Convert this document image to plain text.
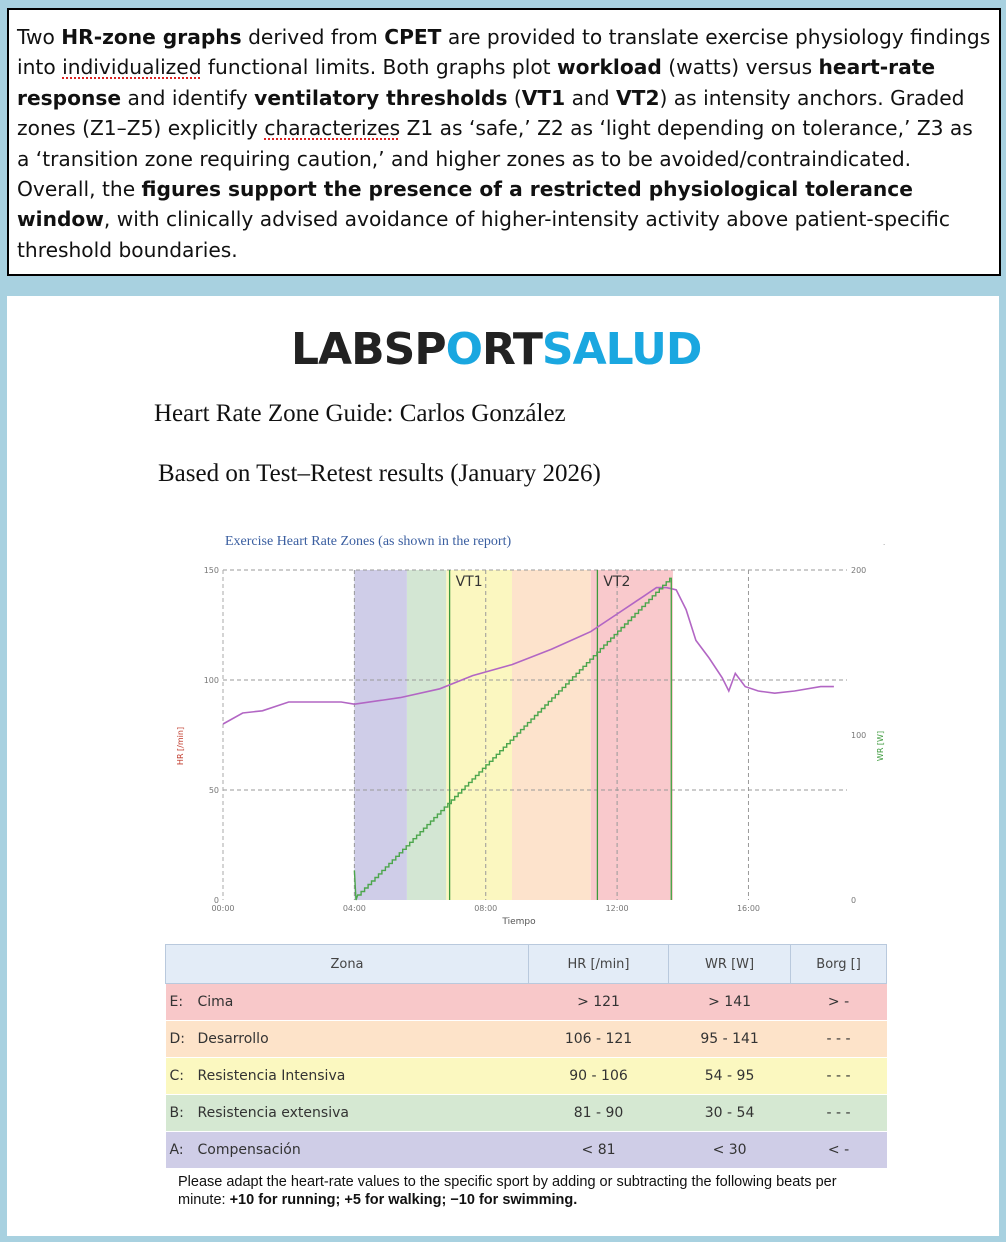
Two HR-zone graphs derived from CPET are provided to translate exercise physiology findings into individualized functional limits. Both graphs plot workload (watts) versus heart-rate response and identify ventilatory thresholds (VT1 and VT2) as intensity anchors. Graded zones (Z1–Z5) explicitly characterizes Z1 as ‘safe,’ Z2 as ‘light depending on tolerance,’ Z3 as a ‘transition zone requiring caution,’ and higher zones as to be avoided/contraindicated. Overall, the figures support the presence of a restricted physiological tolerance window, with clinically advised avoidance of higher-intensity activity above patient-specific threshold boundaries.
LABSPORTSALUD
Heart Rate Zone Guide: Carlos González
Based on Test–Retest results (January 2026)
Exercise Heart Rate Zones (as shown in the report)	.
VT1	VT2
0
50
100
150
0
100
200
00:00	04:00	08:00	12:00	16:00
Tiempo
HR [/min]	WR [W]
Zona		HR [/min]	WR [W]	Borg []
E:	Cima	> 121	> 141	> -
D:	Desarrollo	106 - 121	95 - 141	- - -
C:	Resistencia Intensiva	90 - 106	54 - 95	- - -
B:	Resistencia extensiva	81 - 90	30 - 54	- - -
A:	Compensación	< 81	< 30	< -
Please adapt the heart-rate values to the specific sport by adding or subtracting the following beats per minute: +10 for running; +5 for walking; −10 for swimming.
